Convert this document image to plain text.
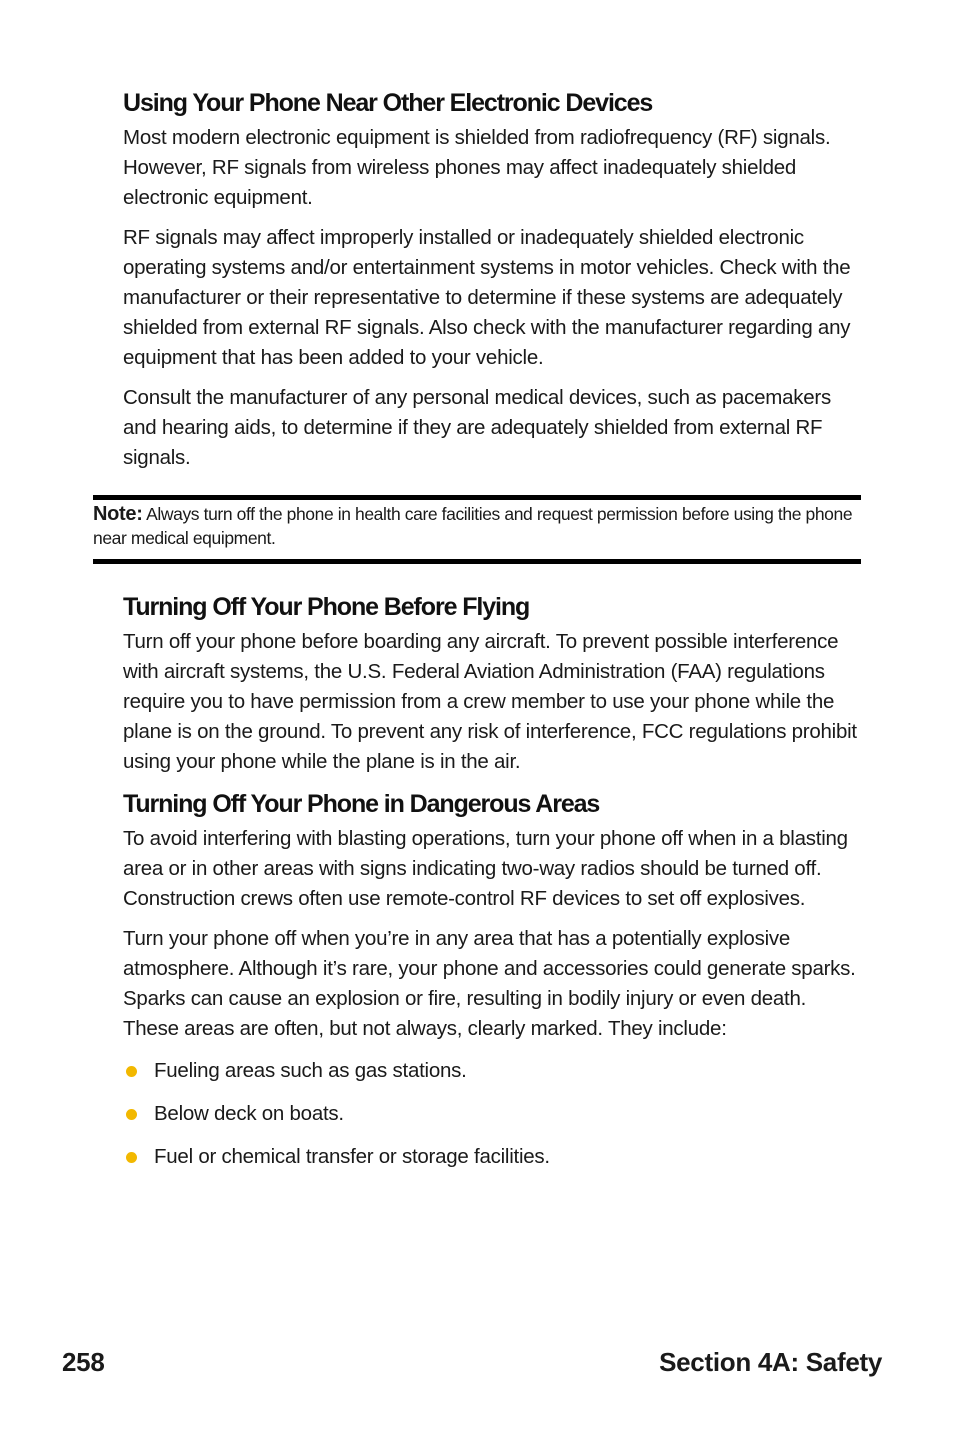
Using Your Phone Near Other Electronic Devices

Most modern electronic equipment is shielded from radiofrequency (RF) signals. However, RF signals from wireless phones may affect inadequately shielded electronic equipment.

RF signals may affect improperly installed or inadequately shielded electronic operating systems and/or entertainment systems in motor vehicles. Check with the manufacturer or their representative to determine if these systems are adequately shielded from external RF signals. Also check with the manufacturer regarding any equipment that has been added to your vehicle.

Consult the manufacturer of any personal medical devices, such as pacemakers and hearing aids, to determine if they are adequately shielded from external RF signals.

Note: Always turn off the phone in health care facilities and request permission before using the phone near medical equipment.
Turning Off Your Phone Before Flying

Turn off your phone before boarding any aircraft. To prevent possible interference with aircraft systems, the U.S. Federal Aviation Administration (FAA) regulations require you to have permission from a crew member to use your phone while the plane is on the ground. To prevent any risk of interference, FCC regulations prohibit using your phone while the plane is in the air.

Turning Off Your Phone in Dangerous Areas

To avoid interfering with blasting operations, turn your phone off when in a blasting area or in other areas with signs indicating two-way radios should be turned off. Construction crews often use remote-control RF devices to set off explosives.

Turn your phone off when you’re in any area that has a potentially explosive atmosphere. Although it’s rare, your phone and accessories could generate sparks. Sparks can cause an explosion or fire, resulting in bodily injury or even death. These areas are often, but not always, clearly marked. They include:

Fueling areas such as gas stations.
Below deck on boats.
Fuel or chemical transfer or storage facilities.
258	Section 4A: Safety
